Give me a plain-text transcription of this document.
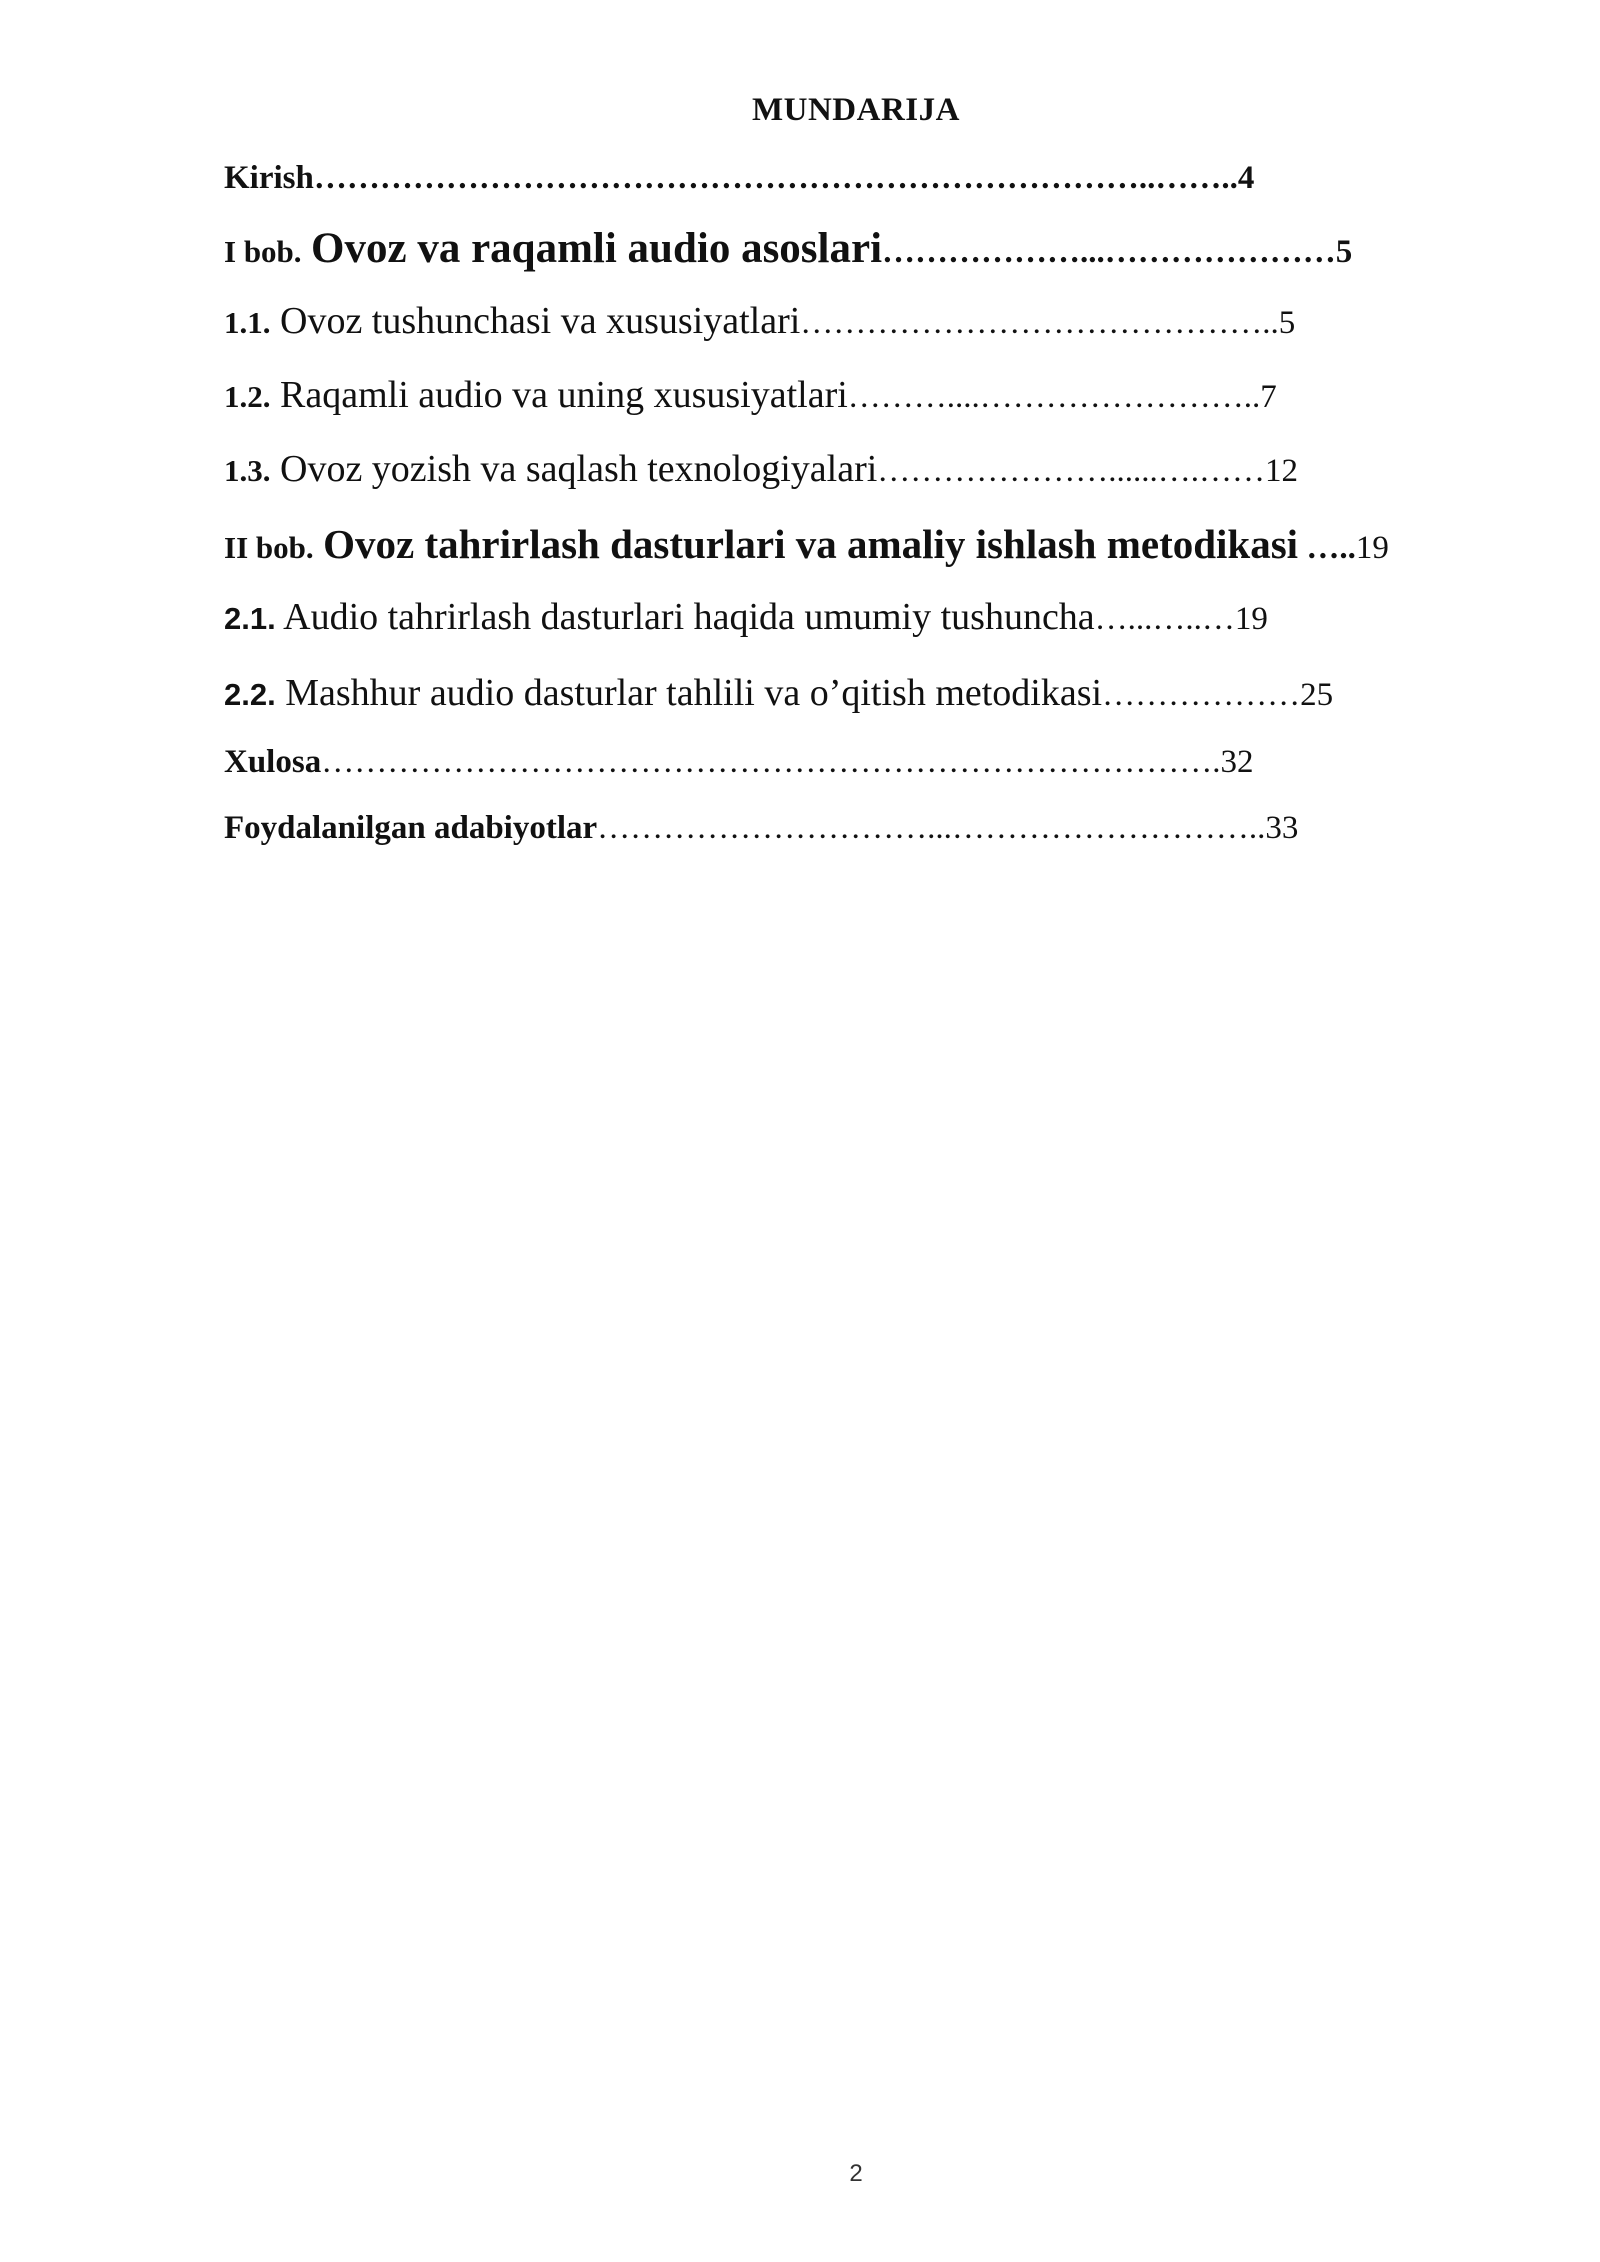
MUNDARIJA
Kirish…………………………………………………………………..……..4
I bob. Ovoz va raqamli audio asoslari………………...…………………5
1.1. Ovoz tushunchasi va xususiyatlari……………………………………..5
1.2. Raqamli audio va uning xususiyatlari………....……………………..7
1.3. Ovoz yozish va saqlash texnologiyalari…………………......….……12
II bob. Ovoz tahrirlash dasturlari va amaliy ishlash metodikasi …..19
2.1. Audio tahrirlash dasturlari haqida umumiy tushuncha…...…..…19
2.2. Mashhur audio dasturlar tahlili va o’qitish metodikasi………………25
Xulosa……………………………………………………………………….32
Foydalanilgan adabiyotlar…………………………...………………………..33
2
